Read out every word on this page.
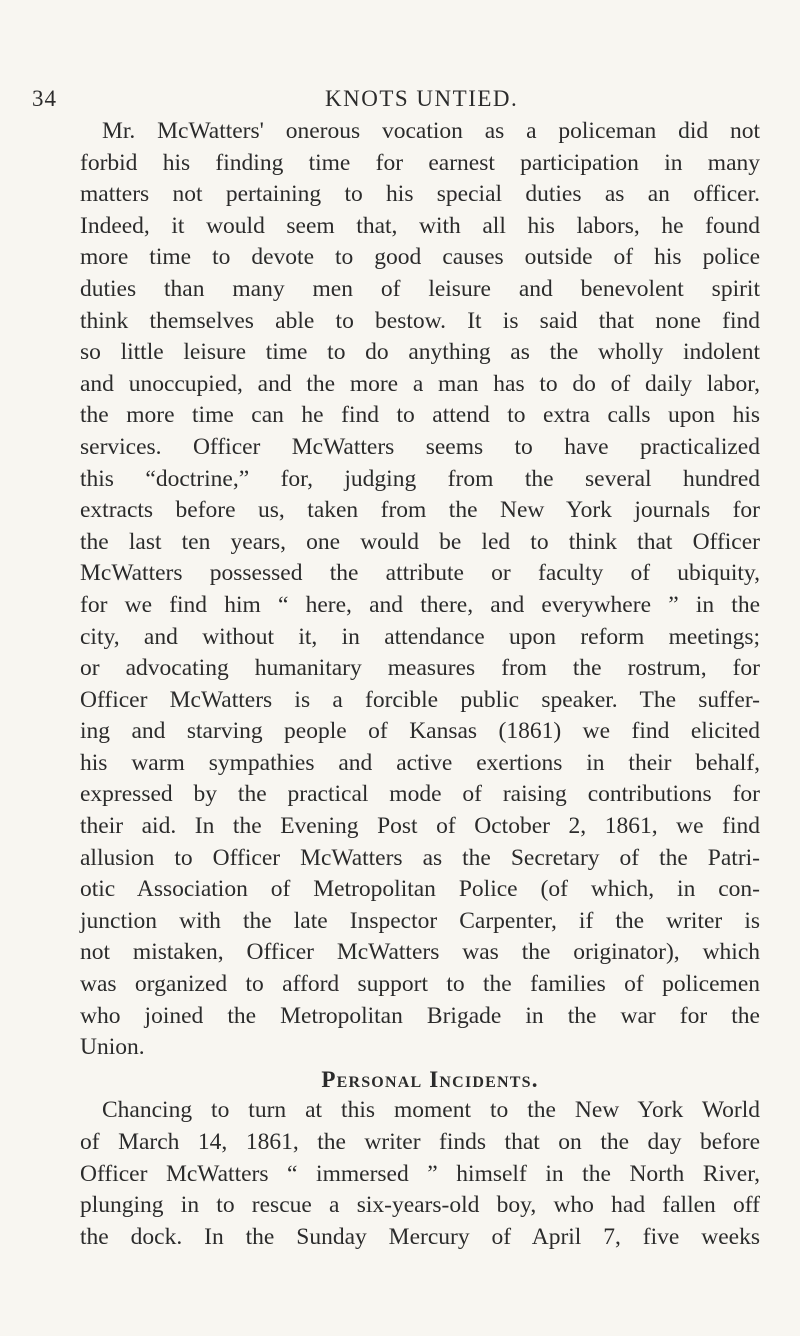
34	KNOTS UNTIED.

Mr. McWatters' onerous vocation as a policeman did not
forbid his finding time for earnest participation in many
matters not pertaining to his special duties as an officer.
Indeed, it would seem that, with all his labors, he found
more time to devote to good causes outside of his police
duties than many men of leisure and benevolent spirit
think themselves able to bestow. It is said that none find
so little leisure time to do anything as the wholly indolent
and unoccupied, and the more a man has to do of daily labor,
the more time can he find to attend to extra calls upon his
services. Officer McWatters seems to have practicalized
this “doctrine,” for, judging from the several hundred
extracts before us, taken from the New York journals for
the last ten years, one would be led to think that Officer
McWatters possessed the attribute or faculty of ubiquity,
for we find him “ here, and there, and everywhere ” in the
city, and without it, in attendance upon reform meetings;
or advocating humanitary measures from the rostrum, for
Officer McWatters is a forcible public speaker. The suffer-
ing and starving people of Kansas (1861) we find elicited
his warm sympathies and active exertions in their behalf,
expressed by the practical mode of raising contributions for
their aid. In the Evening Post of October 2, 1861, we find
allusion to Officer McWatters as the Secretary of the Patri-
otic Association of Metropolitan Police (of which, in con-
junction with the late Inspector Carpenter, if the writer is
not mistaken, Officer McWatters was the originator), which
was organized to afford support to the families of policemen
who joined the Metropolitan Brigade in the war for the
Union.

Personal Incidents.

Chancing to turn at this moment to the New York World
of March 14, 1861, the writer finds that on the day before
Officer McWatters “ immersed ” himself in the North River,
plunging in to rescue a six-years-old boy, who had fallen off
the dock. In the Sunday Mercury of April 7, five weeks
